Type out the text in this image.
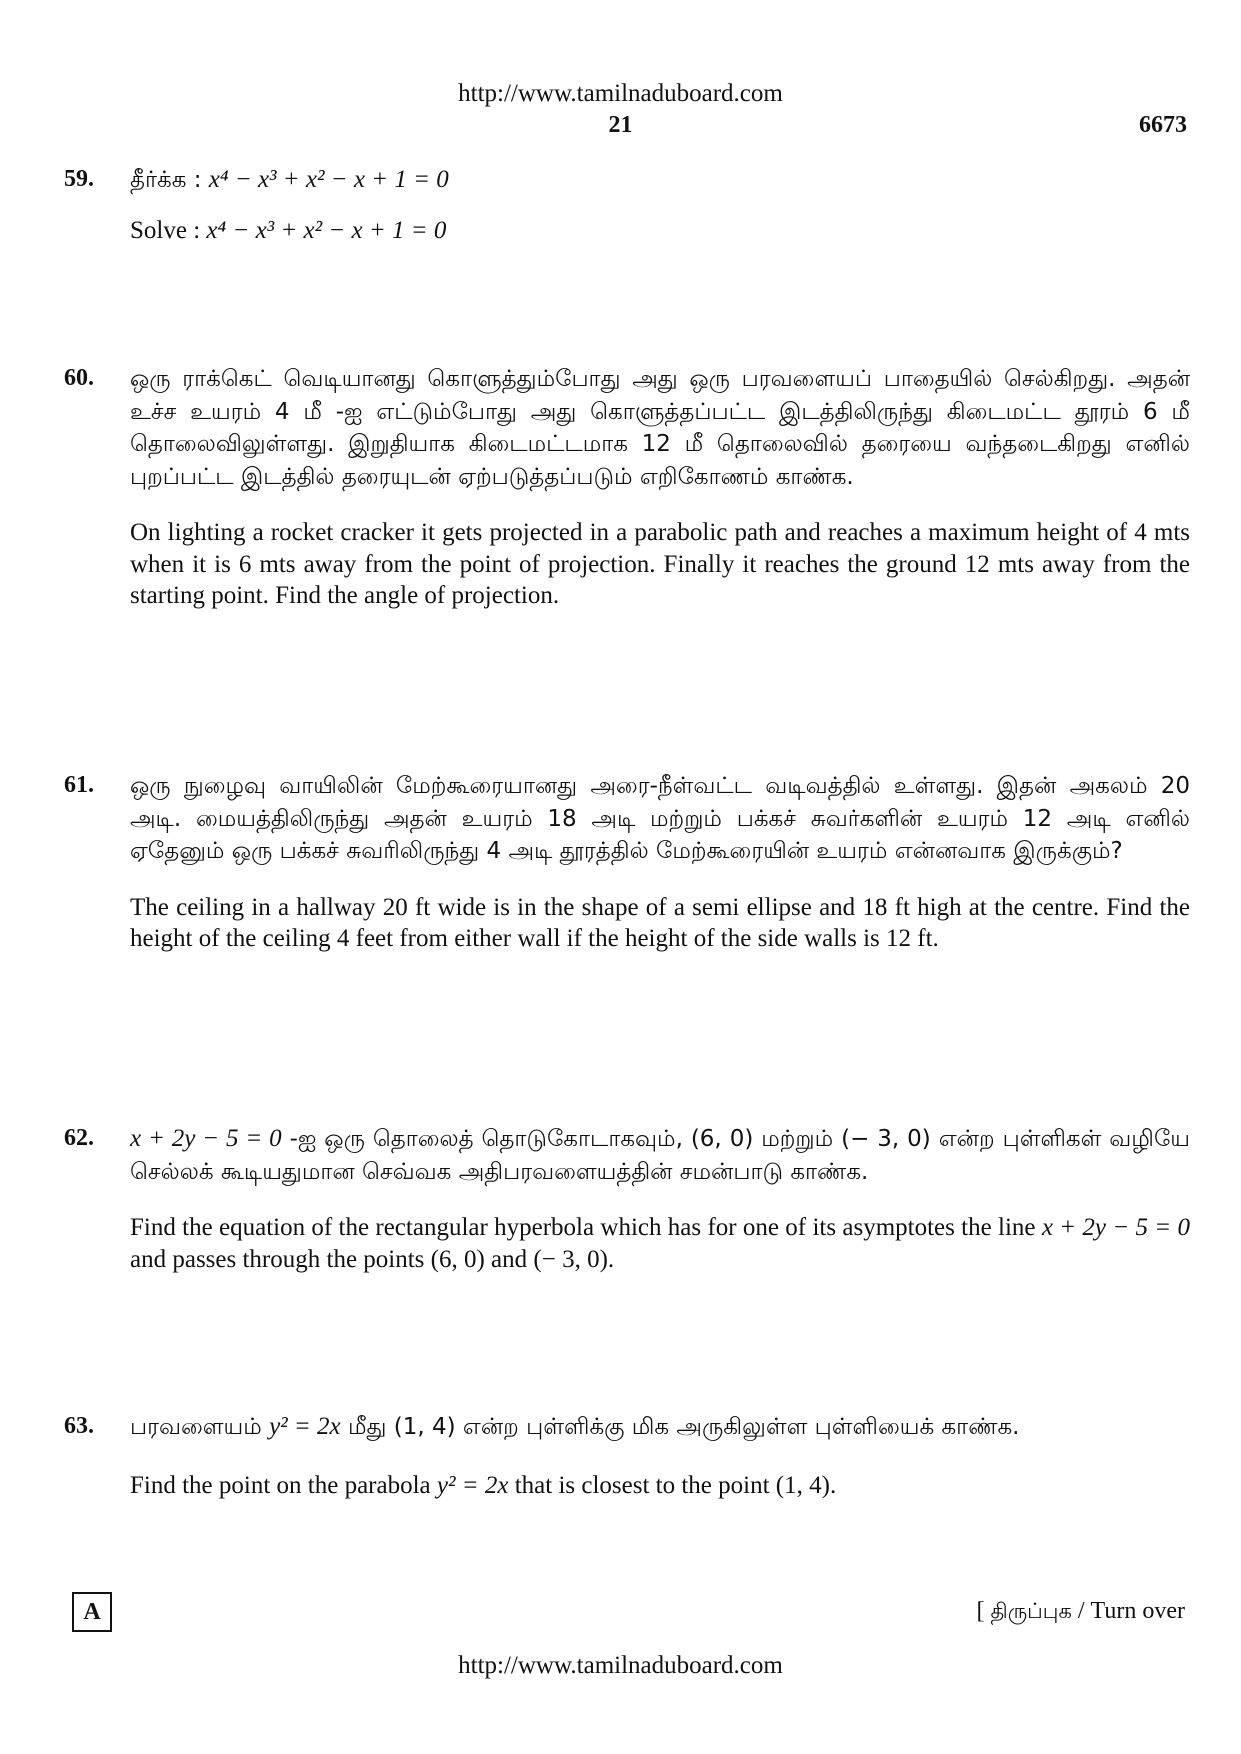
http://www.tamilnaduboard.com
21	6673
59. தீர்க்க : x⁴ − x³ + x² − x + 1 = 0

Solve : x⁴ − x³ + x² − x + 1 = 0

60. ஒரு ராக்கெட் வெடியானது கொளுத்தும்போது அது ஒரு பரவளையப் பாதையில் செல்கிறது. அதன் உச்ச உயரம் 4 மீ -ஐ எட்டும்போது அது கொளுத்தப்பட்ட இடத்திலிருந்து கிடைமட்ட தூரம் 6 மீ தொலைவிலுள்ளது. இறுதியாக கிடைமட்டமாக 12 மீ தொலைவில் தரையை வந்தடைகிறது எனில் புறப்பட்ட இடத்தில் தரையுடன் ஏற்படுத்தப்படும் எறிகோணம் காண்க.

On lighting a rocket cracker it gets projected in a parabolic path and reaches a maximum height of 4 mts when it is 6 mts away from the point of projection. Finally it reaches the ground 12 mts away from the starting point. Find the angle of projection.

61. ஒரு நுழைவு வாயிலின் மேற்கூரையானது அரை-நீள்வட்ட வடிவத்தில் உள்ளது. இதன் அகலம் 20 அடி. மையத்திலிருந்து அதன் உயரம் 18 அடி மற்றும் பக்கச் சுவர்களின் உயரம் 12 அடி எனில் ஏதேனும் ஒரு பக்கச் சுவரிலிருந்து 4 அடி தூரத்தில் மேற்கூரையின் உயரம் என்னவாக இருக்கும்?

The ceiling in a hallway 20 ft wide is in the shape of a semi ellipse and 18 ft high at the centre. Find the height of the ceiling 4 feet from either wall if the height of the side walls is 12 ft.

62. x + 2y − 5 = 0 -ஐ ஒரு தொலைத் தொடுகோடாகவும், (6, 0) மற்றும் (− 3, 0) என்ற புள்ளிகள் வழியே செல்லக் கூடியதுமான செவ்வக அதிபரவளையத்தின் சமன்பாடு காண்க.

Find the equation of the rectangular hyperbola which has for one of its asymptotes the line x + 2y − 5 = 0 and passes through the points (6, 0) and (− 3, 0).

63. பரவளையம் y² = 2x மீது (1, 4) என்ற புள்ளிக்கு மிக அருகிலுள்ள புள்ளியைக் காண்க.

Find the point on the parabola y² = 2x that is closest to the point (1, 4).

A	[ திருப்புக / Turn over
http://www.tamilnaduboard.com
